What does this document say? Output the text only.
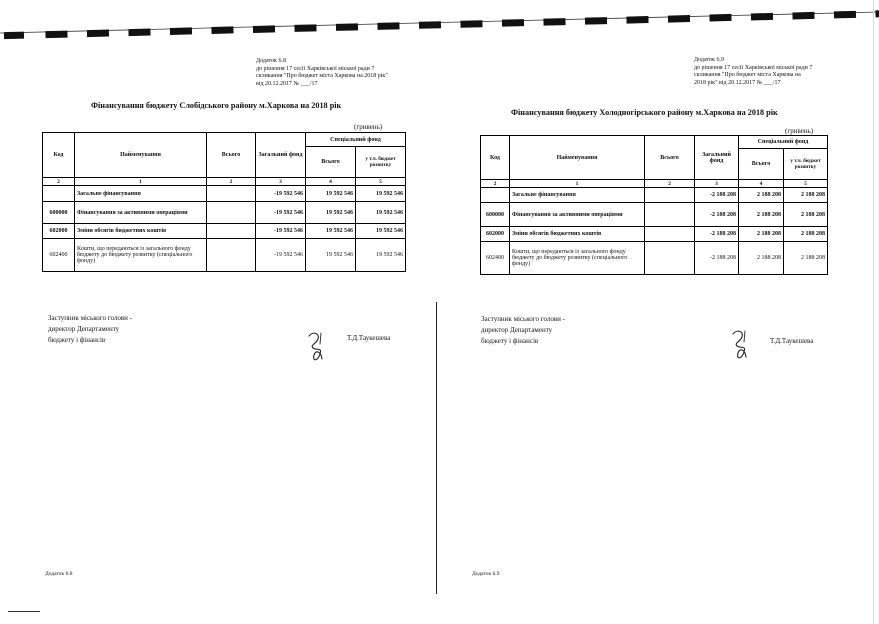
Додаток 6.8
до рішення 17 сесії Харківської міської ради 7
скликання "Про бюджет міста Харкова на 2018 рік"
від 20.12.2017 № ___/17
Фінансування бюджету Слобідського району м.Харкова на 2018 рік
(гривень)
Код	Найменування	Всього	Загальний фонд	Спеціальний фонд	
				Всього	у т.ч. бюджет розвитку
2	1	2	3	4	5
	Загальне фінансування		-19 592 546	19 592 546	19 592 546
600000	Фінансування за активними операціями		-19 592 546	19 592 546	19 592 546
602000	Зміни обсягів бюджетних коштів		-19 592 546	19 592 546	19 592 546
602400	Кошти, що передаються із загального фонду бюджету до бюджету розвитку (спеціального фонду)		-19 592 546	19 592 546	19 592 546
Заступник міського голови -
директор Департаменту
бюджету і фінансів	Т.Д.Таукешева
Додаток 6.8
Додаток 6.9
до рішення 17 сесії Харківської міської ради 7
скликання "Про бюджет міста Харкова на
2018 рік" від 20.12.2017 № ___/17
Фінансування бюджету Холодногірського району м.Харкова на 2018 рік
(гривень)
Код	Найменування	Всього	Загальний фонд	Спеціальний фонд	
				Всього	у т.ч. бюджет розвитку
2	1	2	3	4	5
	Загальне фінансування		-2 188 208	2 188 208	2 188 208
600000	Фінансування за активними операціями		-2 188 208	2 188 208	2 188 208
602000	Зміни обсягів бюджетних коштів		-2 188 208	2 188 208	2 188 208
602400	Кошти, що передаються із загального фонду бюджету до бюджету розвитку (спеціального фонду)		-2 188 208	2 188 208	2 188 208
Заступник міського голови -
директор Департаменту
бюджету і фінансів	Т.Д.Таукешева
Додаток 6.9
